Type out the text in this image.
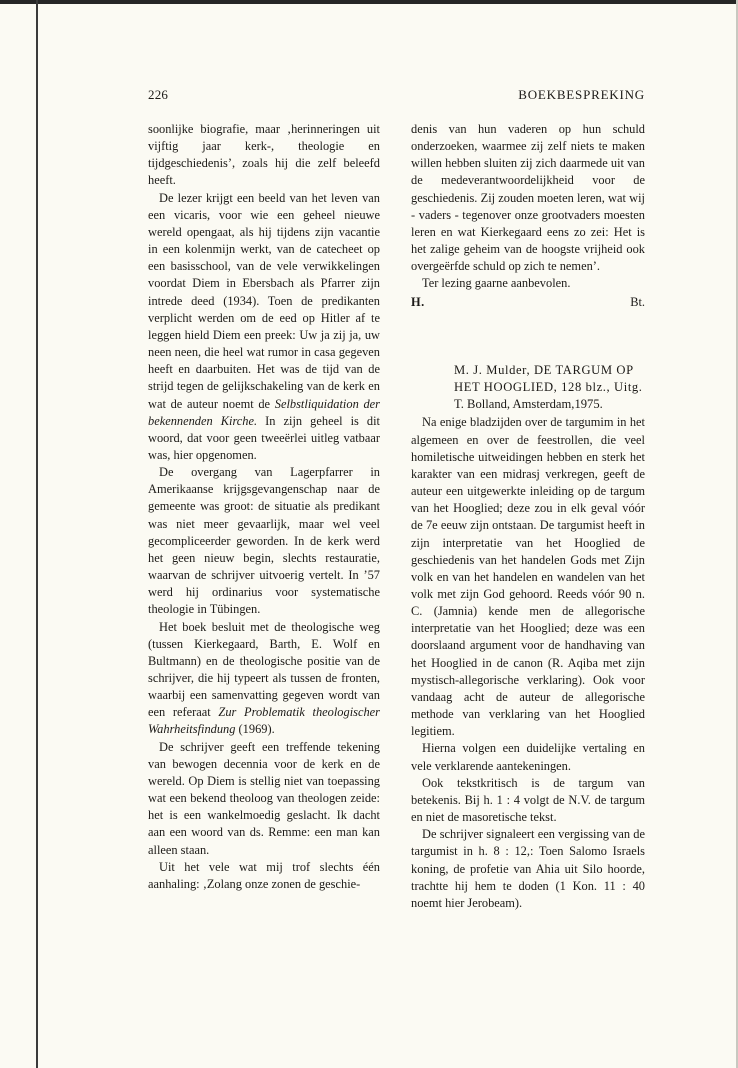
226	BOEKBESPREKING

soonlijke biografie, maar ‚herinneringen uit vijftig jaar kerk-, theologie en tijdgeschiedenis’, zoals hij die zelf beleefd heeft.

De lezer krijgt een beeld van het leven van een vicaris, voor wie een geheel nieuwe wereld opengaat, als hij tijdens zijn vacantie in een kolenmijn werkt, van de catecheet op een basisschool, van de vele verwikkelingen voordat Diem in Ebersbach als Pfarrer zijn intrede deed (1934). Toen de predikanten verplicht werden om de eed op Hitler af te leggen hield Diem een preek: Uw ja zij ja, uw neen neen, die heel wat rumor in casa gegeven heeft en daarbuiten. Het was de tijd van de strijd tegen de gelijkschakeling van de kerk en wat de auteur noemt de Selbstliquidation der bekennenden Kirche. In zijn geheel is dit woord, dat voor geen tweeërlei uitleg vatbaar was, hier opgenomen.

De overgang van Lagerpfarrer in Amerikaanse krijgsgevangenschap naar de gemeente was groot: de situatie als predikant was niet meer gevaarlijk, maar wel veel gecompliceerder geworden. In de kerk werd het geen nieuw begin, slechts restauratie, waarvan de schrijver uitvoerig vertelt. In ’57 werd hij ordinarius voor systematische theologie in Tübingen.

Het boek besluit met de theologische weg (tussen Kierkegaard, Barth, E. Wolf en Bultmann) en de theologische positie van de schrijver, die hij typeert als tussen de fronten, waarbij een samenvatting gegeven wordt van een referaat Zur Problematik theologischer Wahrheitsfindung (1969).

De schrijver geeft een treffende tekening van bewogen decennia voor de kerk en de wereld. Op Diem is stellig niet van toepassing wat een bekend theoloog van theologen zeide: het is een wankelmoedig geslacht. Ik dacht aan een woord van ds. Remme: een man kan alleen staan.

Uit het vele wat mij trof slechts één aanhaling: ‚Zolang onze zonen de geschie-

denis van hun vaderen op hun schuld onderzoeken, waarmee zij zelf niets te maken willen hebben sluiten zij zich daarmede uit van de medeverantwoordelijkheid voor de geschiedenis. Zij zouden moeten leren, wat wij - vaders - tegenover onze grootvaders moesten leren en wat Kierkegaard eens zo zei: Het is het zalige geheim van de hoogste vrijheid ook overgeërfde schuld op zich te nemen’.

Ter lezing gaarne aanbevolen.

H.	Bt.
M. J. Mulder, DE TARGUM OP
HET HOOGLIED, 128 blz., Uitg.
T. Bolland, Amsterdam,1975.

Na enige bladzijden over de targumim in het algemeen en over de feestrollen, die veel homiletische uitweidingen hebben en sterk het karakter van een midrasj verkregen, geeft de auteur een uitgewerkte inleiding op de targum van het Hooglied; deze zou in elk geval vóór de 7e eeuw zijn ontstaan. De targumist heeft in zijn interpretatie van het Hooglied de geschiedenis van het handelen Gods met Zijn volk en van het handelen en wandelen van het volk met zijn God gehoord. Reeds vóór 90 n. C. (Jamnia) kende men de allegorische interpretatie van het Hooglied; deze was een doorslaand argument voor de handhaving van het Hooglied in de canon (R. Aqiba met zijn mystisch-allegorische verklaring). Ook voor vandaag acht de auteur de allegorische methode van verklaring van het Hooglied legitiem.

Hierna volgen een duidelijke vertaling en vele verklarende aantekeningen.

Ook tekstkritisch is de targum van betekenis. Bij h. 1 : 4 volgt de N.V. de targum en niet de masoretische tekst.

De schrijver signaleert een vergissing van de targumist in h. 8 : 12,: Toen Salomo Israels koning, de profetie van Ahia uit Silo hoorde, trachtte hij hem te doden (1 Kon. 11 : 40 noemt hier Jerobeam).
